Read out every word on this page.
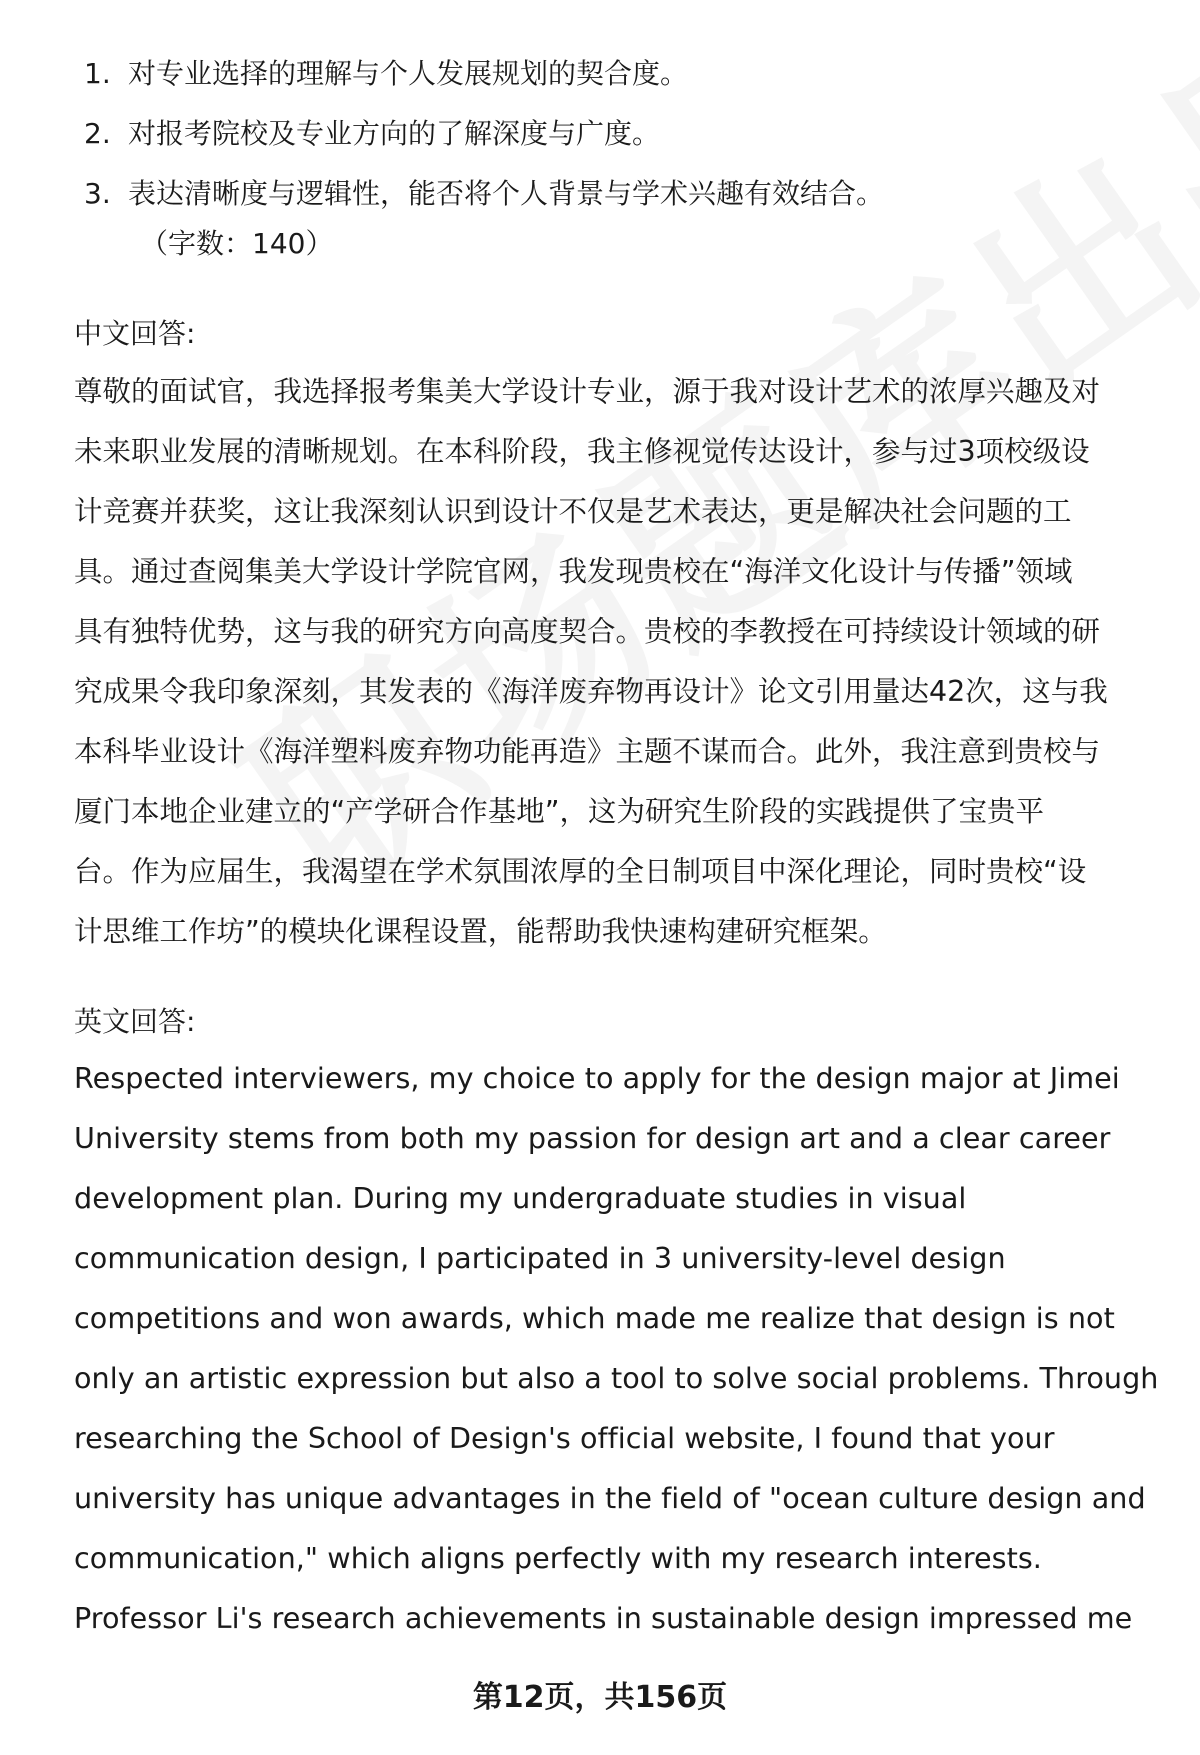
1. 对专业选择的理解与个人发展规划的契合度。
2. 对报考院校及专业方向的了解深度与广度。
3. 表达清晰度与逻辑性，能否将个人背景与学术兴趣有效结合。
（字数：140）
中文回答:
尊敬的面试官，我选择报考集美大学设计专业，源于我对设计艺术的浓厚兴趣及对
未来职业发展的清晰规划。在本科阶段，我主修视觉传达设计，参与过3项校级设
计竞赛并获奖，这让我深刻认识到设计不仅是艺术表达，更是解决社会问题的工
具。通过查阅集美大学设计学院官网，我发现贵校在“海洋文化设计与传播”领域
具有独特优势，这与我的研究方向高度契合。贵校的李教授在可持续设计领域的研
究成果令我印象深刻，其发表的《海洋废弃物再设计》论文引用量达42次，这与我
本科毕业设计《海洋塑料废弃物功能再造》主题不谋而合。此外，我注意到贵校与
厦门本地企业建立的“产学研合作基地”，这为研究生阶段的实践提供了宝贵平
台。作为应届生，我渴望在学术氛围浓厚的全日制项目中深化理论，同时贵校“设
计思维工作坊”的模块化课程设置，能帮助我快速构建研究框架。
英文回答:
Respected interviewers, my choice to apply for the design major at Jimei
University stems from both my passion for design art and a clear career
development plan. During my undergraduate studies in visual
communication design, I participated in 3 university-level design
competitions and won awards, which made me realize that design is not
only an artistic expression but also a tool to solve social problems. Through
researching the School of Design's official website, I found that your
university has unique advantages in the field of "ocean culture design and
communication," which aligns perfectly with my research interests.
Professor Li's research achievements in sustainable design impressed me
第12页，共156页
